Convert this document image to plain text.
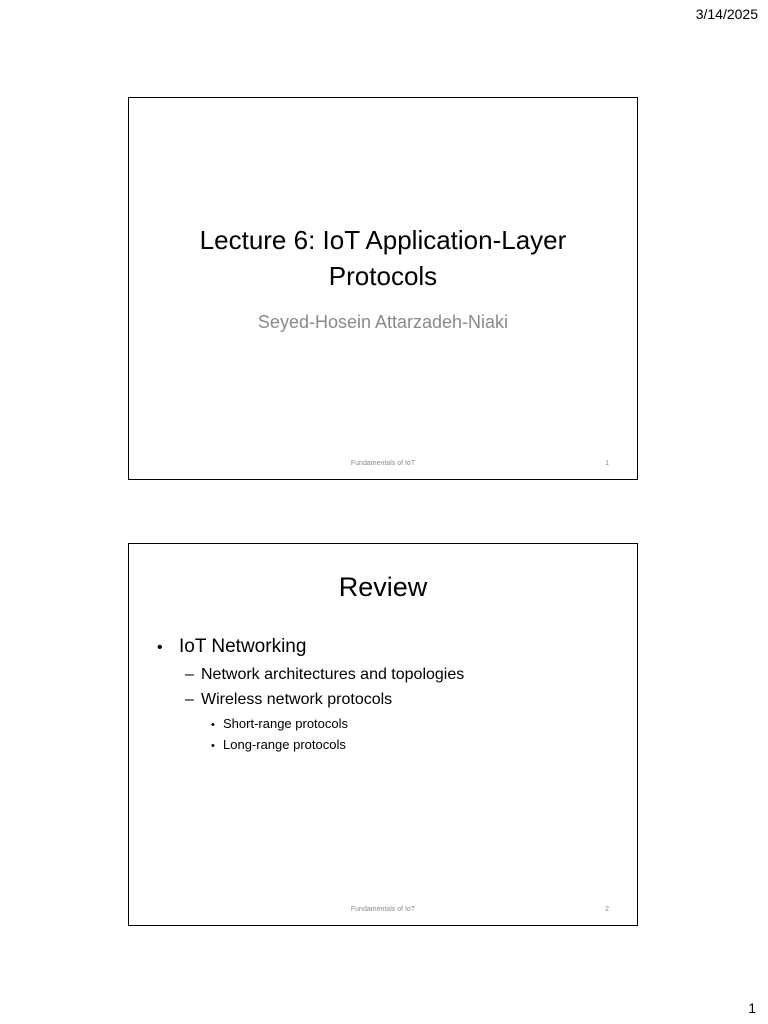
3/14/2025
Lecture 6: IoT Application-Layer
Protocols
Seyed-Hosein Attarzadeh-Niaki
Fundamentals of IoT	1
Review
• IoT Networking
– Network architectures and topologies
– Wireless network protocols
• Short-range protocols
• Long-range protocols
Fundamentals of IoT	2
1
